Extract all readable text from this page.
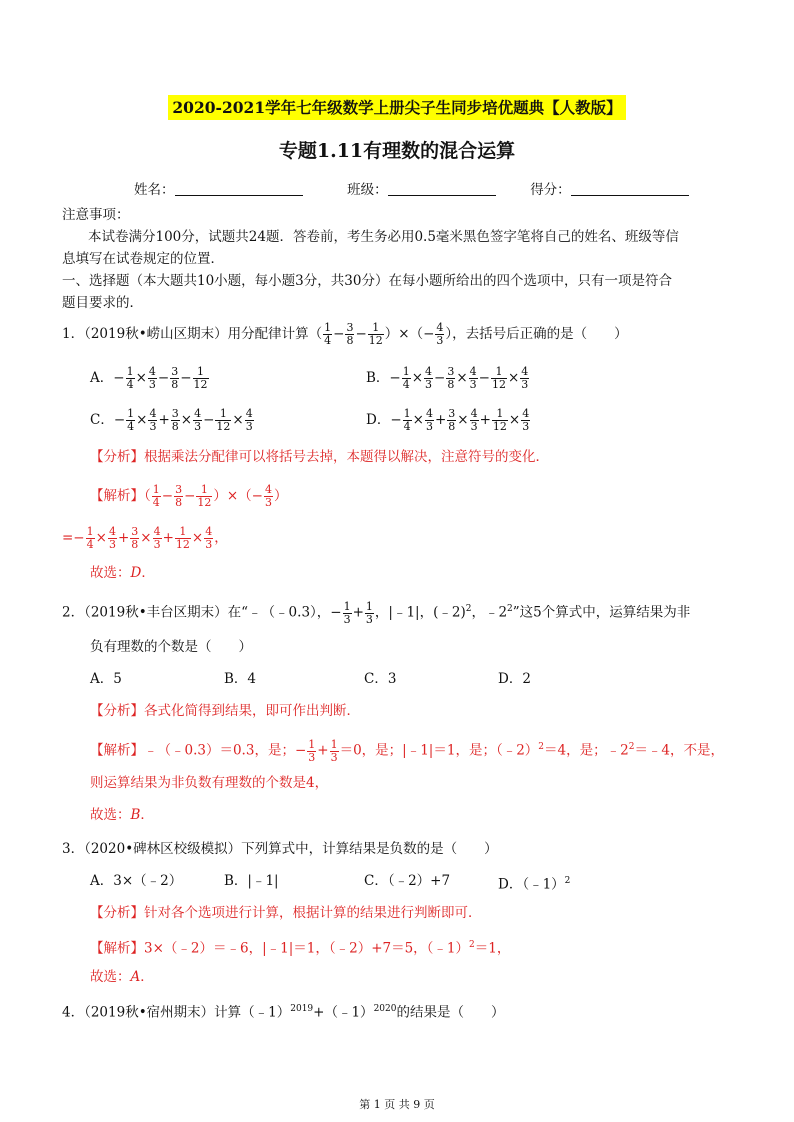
2020-2021学年七年级数学上册尖子生同步培优题典【人教版】
专题1.11有理数的混合运算
姓名：	班级：	得分：
注意事项：
本试卷满分100分，试题共24题．答卷前，考生务必用0.5毫米黑色签字笔将自己的姓名、班级等信
息填写在试卷规定的位置．
一、选择题（本大题共10小题，每小题3分，共30分）在每小题所给出的四个选项中，只有一项是符合
题目要求的．
1．（2019秋•崂山区期末）用分配律计算（ $\frac{1}{4} - \frac{3}{8} - \frac{1}{12}$ ）×（− $\frac{4}{3}$ ），去括号后正确的是（　　）
A．− $\frac{1}{4} \times \frac{4}{3} - \frac{3}{8} - \frac{1}{12}$	B．− $\frac{1}{4} \times \frac{4}{3} - \frac{3}{8} \times \frac{4}{3} - \frac{1}{12} \times \frac{4}{3}$
C．− $\frac{1}{4} \times \frac{4}{3} + \frac{3}{8} \times \frac{4}{3} - \frac{1}{12} \times \frac{4}{3}$	D．− $\frac{1}{4} \times \frac{4}{3} + \frac{3}{8} \times \frac{4}{3} + \frac{1}{12} \times \frac{4}{3}$
【分析】根据乘法分配律可以将括号去掉，本题得以解决，注意符号的变化．
【解析】（ $\frac{1}{4} - \frac{3}{8} - \frac{1}{12}$ ）×（− $\frac{4}{3}$ ）
=− $\frac{1}{4} \times \frac{4}{3} + \frac{3}{8} \times \frac{4}{3} + \frac{1}{12} \times \frac{4}{3}$ ，
故选：D．
2．（2019秋•丰台区期末）在“﹣（﹣0.3），− $\frac{1}{3} + \frac{1}{3}$ ，|﹣1|，(﹣2)$^2$，$﹣2^2$”这5个算式中，运算结果为非
负有理数的个数是（　　）
A．5	B．4	C．3	D．2
【分析】各式化简得到结果，即可作出判断．
【解析】﹣（﹣0.3）＝0.3，是；− $\frac{1}{3} + \frac{1}{3} =0$，是；|﹣1|＝1，是；（﹣2）$^2$＝4，是；$﹣2^2=﹣4$，不是，
则运算结果为非负数有理数的个数是4，
故选：B．
3．（2020•碑林区校级模拟）下列算式中，计算结果是负数的是（　　）
A．3×（﹣2）	B．|﹣1|	C．（﹣2）+7	D．（﹣1）$^2$
【分析】针对各个选项进行计算，根据计算的结果进行判断即可．
【解析】3×（﹣2）＝﹣6，|﹣1|＝1，（﹣2）+7＝5，（﹣1）$^2$＝1，
故选：A．
4．（2019秋•宿州期末）计算（﹣1）$^{2019}$+（﹣1）$^{2020}$的结果是（　　）
第 1 页 共 9 页
